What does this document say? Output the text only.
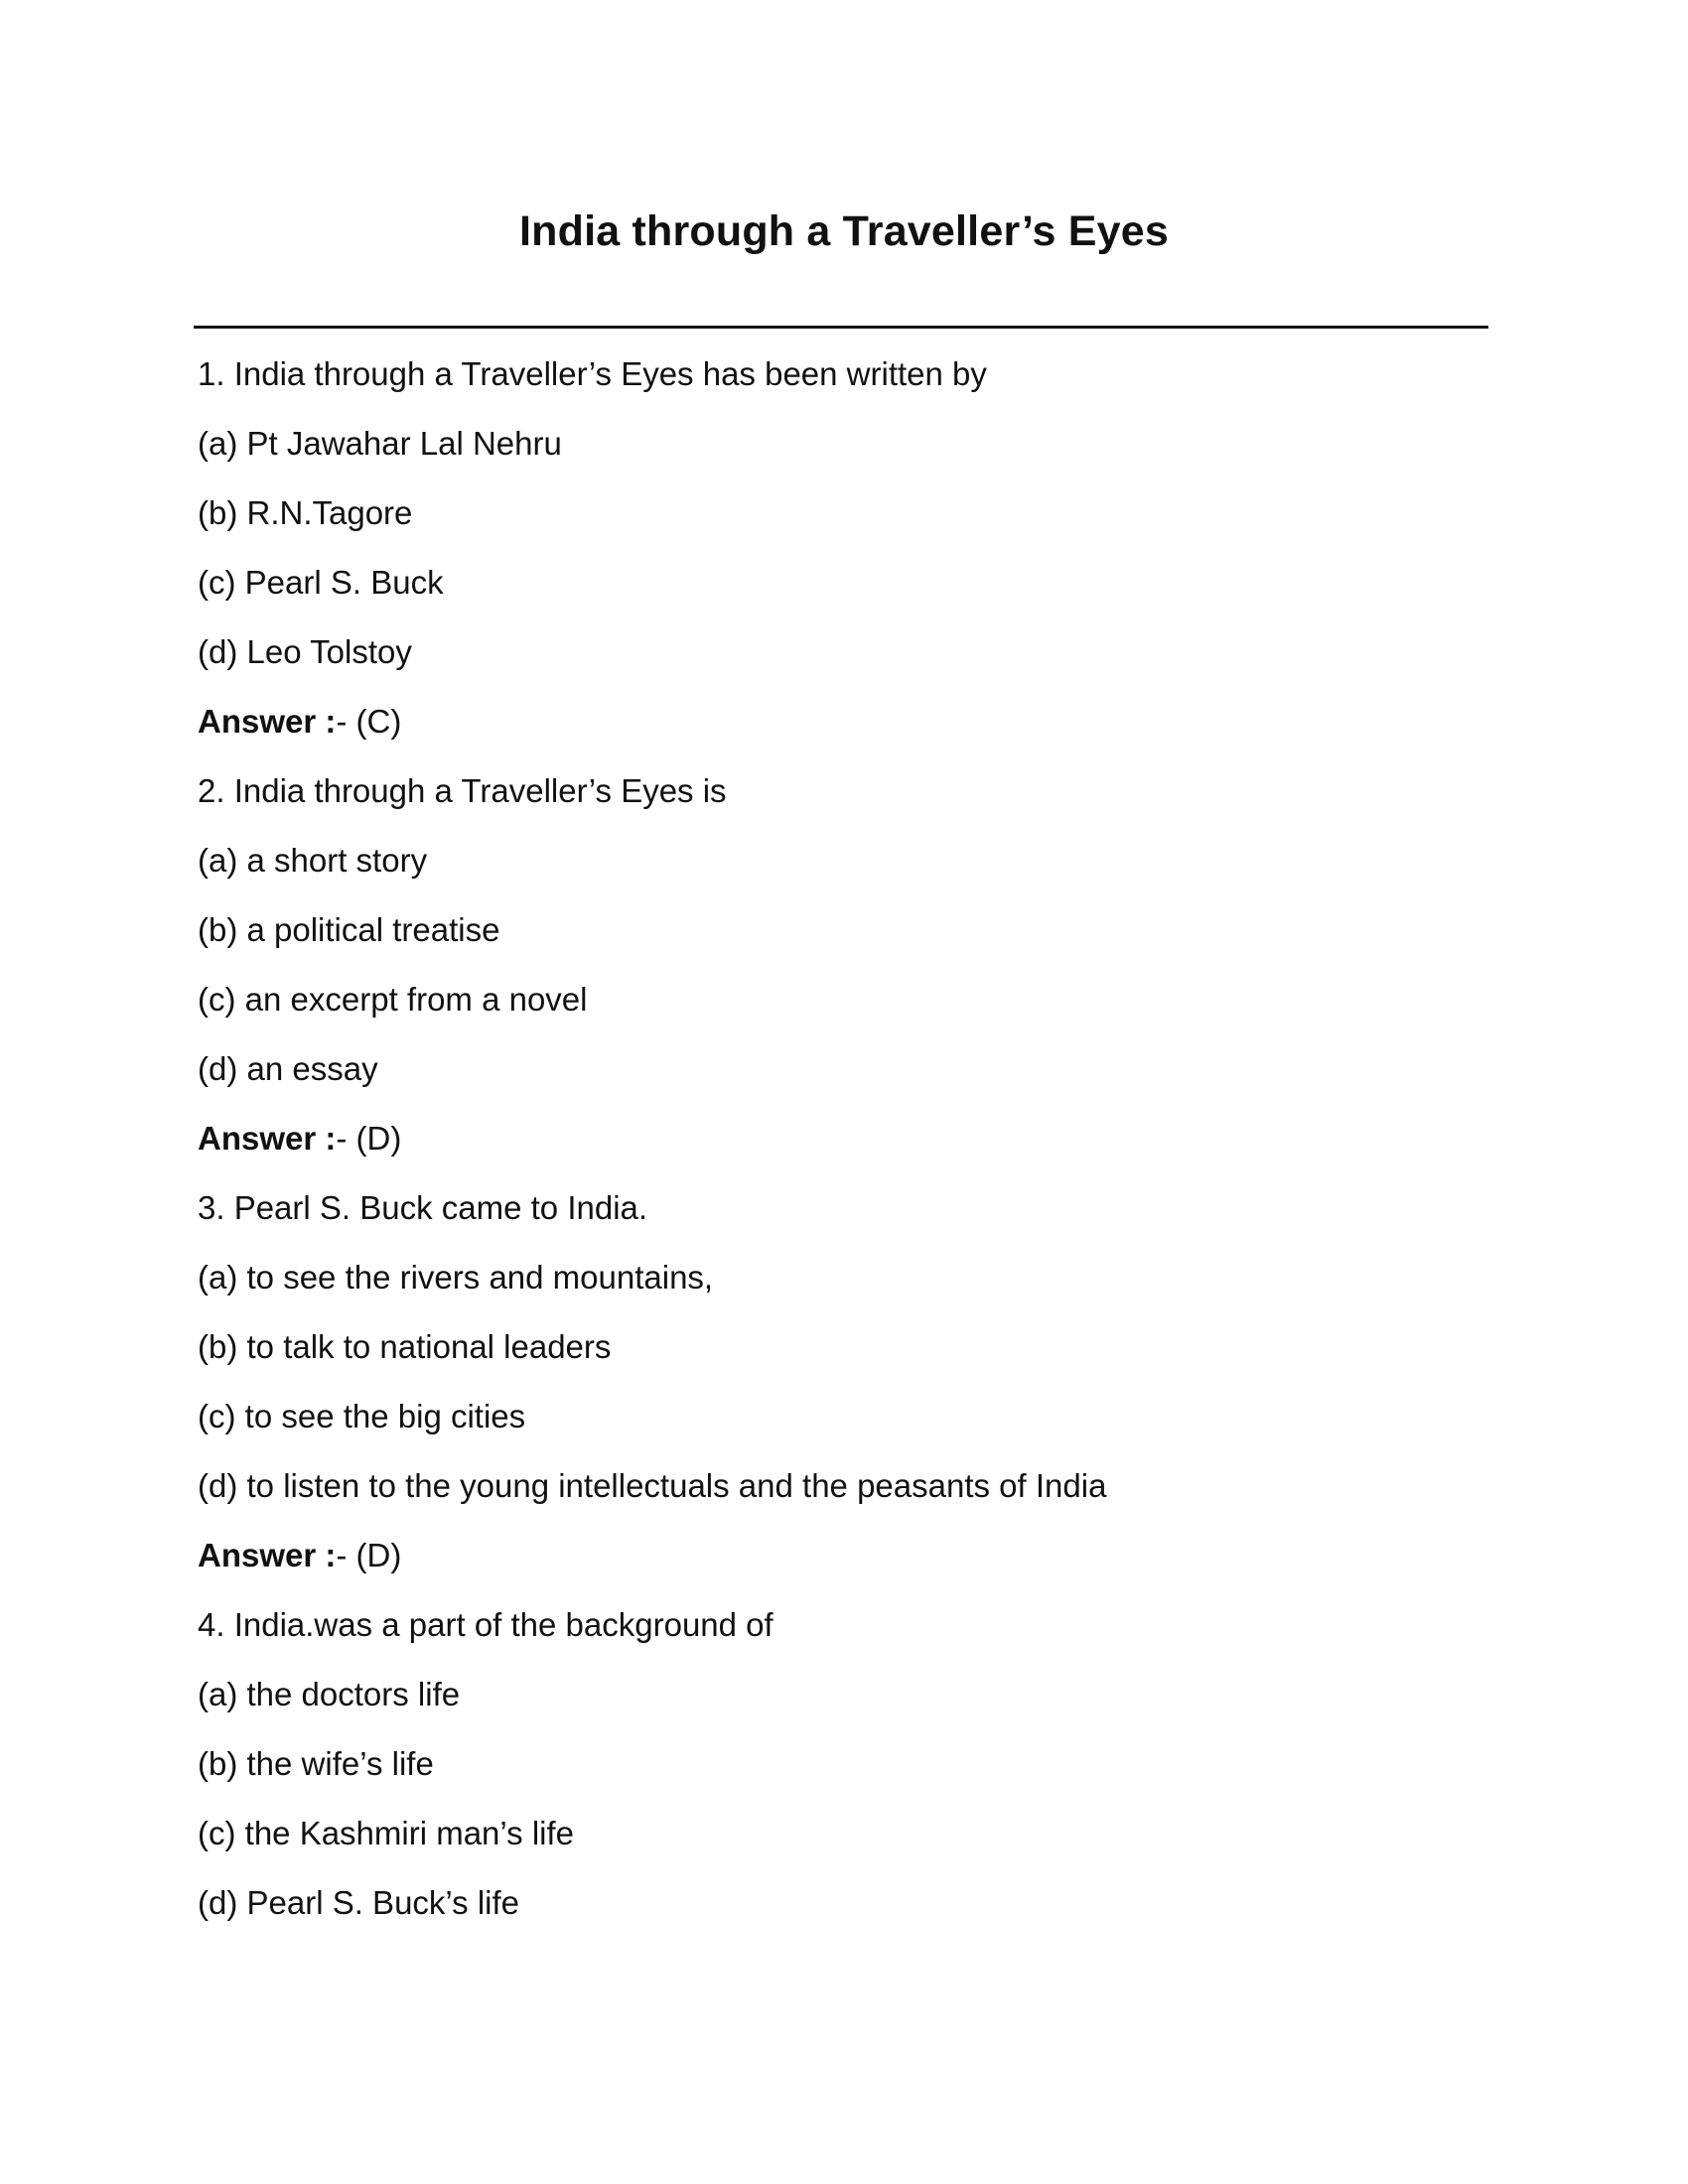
India through a Traveller’s Eyes
1. India through a Traveller’s Eyes has been written by
(a) Pt Jawahar Lal Nehru
(b) R.N.Tagore
(c) Pearl S. Buck
(d) Leo Tolstoy
Answer :- (C)
2. India through a Traveller’s Eyes is
(a) a short story
(b) a political treatise
(c) an excerpt from a novel
(d) an essay
Answer :- (D)
3. Pearl S. Buck came to India.
(a) to see the rivers and mountains,
(b) to talk to national leaders
(c) to see the big cities
(d) to listen to the young intellectuals and the peasants of India
Answer :- (D)
4. India.was a part of the background of
(a) the doctors life
(b) the wife’s life
(c) the Kashmiri man’s life
(d) Pearl S. Buck’s life
